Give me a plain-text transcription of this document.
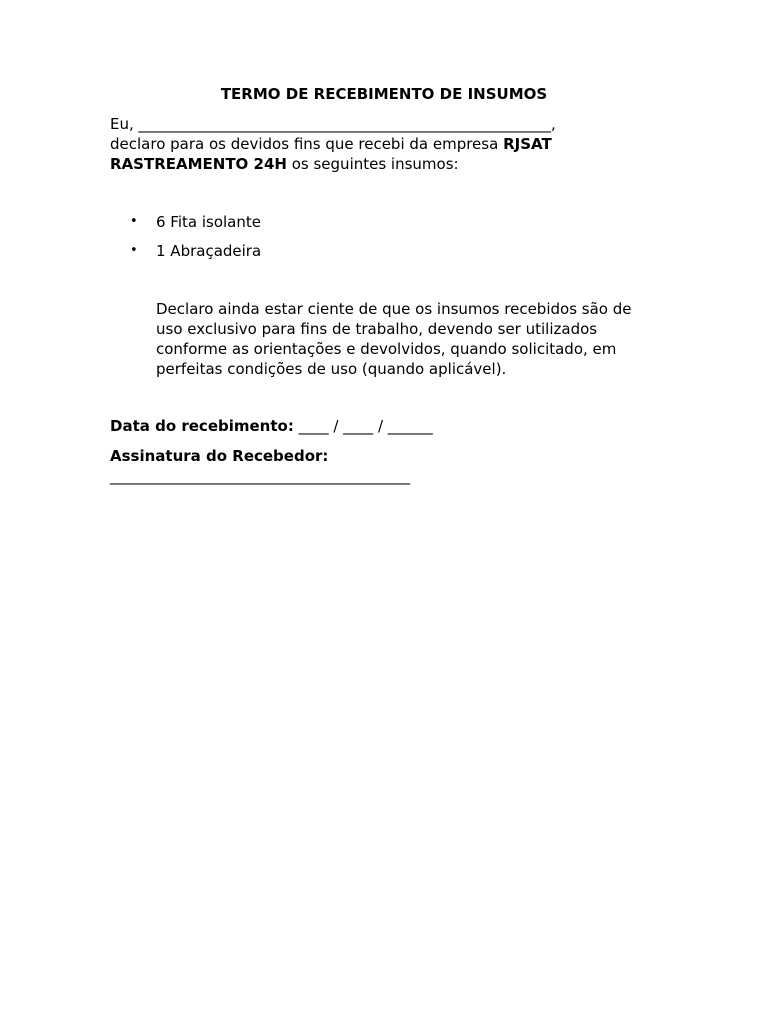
TERMO DE RECEBIMENTO DE INSUMOS
Eu, _______________________________________________________,
declaro para os devidos fins que recebi da empresa RJSAT
RASTREAMENTO 24H os seguintes insumos:
• 6 Fita isolante
• 1 Abraçadeira
Declaro ainda estar ciente de que os insumos recebidos são de
uso exclusivo para fins de trabalho, devendo ser utilizados
conforme as orientações e devolvidos, quando solicitado, em
perfeitas condições de uso (quando aplicável).
Data do recebimento: ____ / ____ / ______
Assinatura do Recebedor:
________________________________________
